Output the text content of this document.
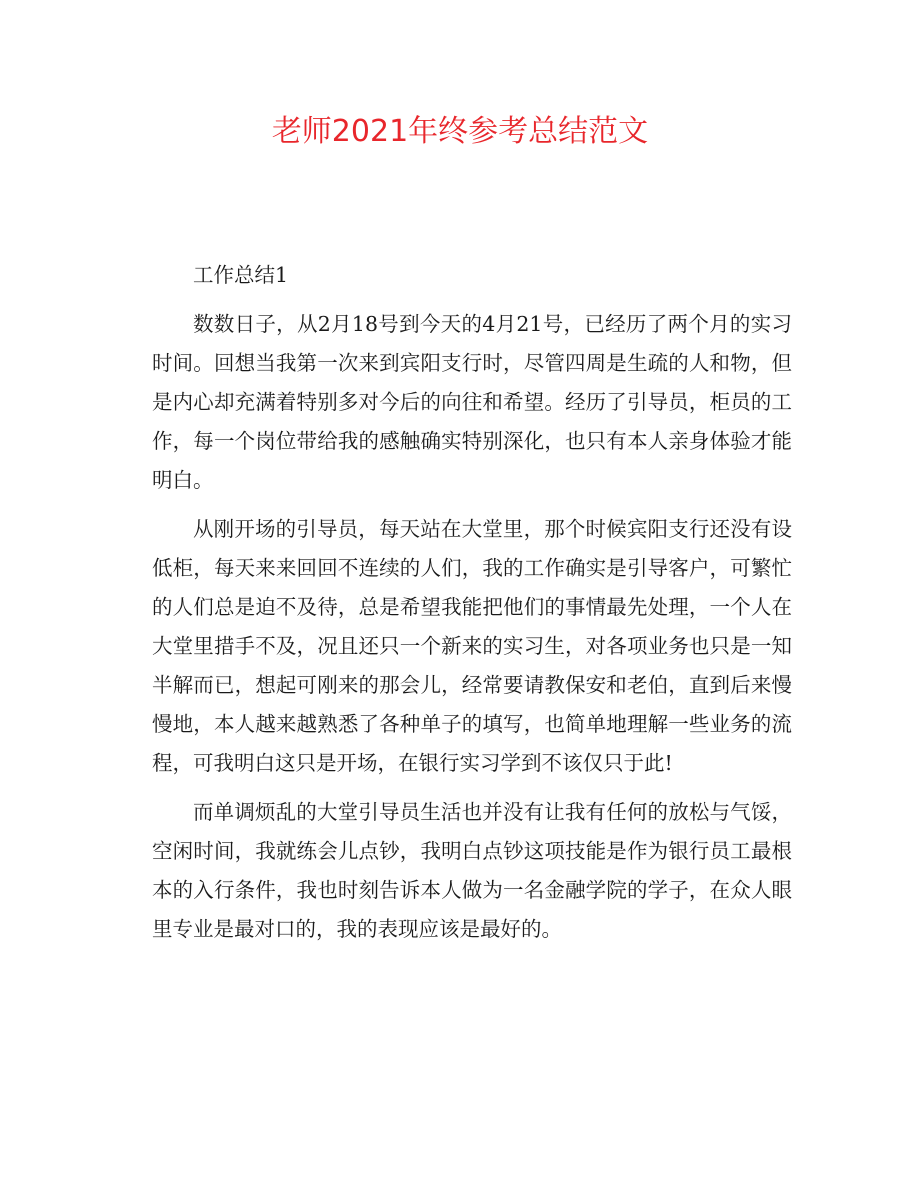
老师2021年终参考总结范文

工作总结1

数数日子，从2月18号到今天的4月21号，已经历了两个月的实习时间。回想当我第一次来到宾阳支行时，尽管四周是生疏的人和物，但是内心却充满着特别多对今后的向往和希望。经历了引导员，柜员的工作，每一个岗位带给我的感触确实特别深化，也只有本人亲身体验才能明白。

从刚开场的引导员，每天站在大堂里，那个时候宾阳支行还没有设低柜，每天来来回回不连续的人们，我的工作确实是引导客户，可繁忙的人们总是迫不及待，总是希望我能把他们的事情最先处理，一个人在大堂里措手不及，况且还只一个新来的实习生，对各项业务也只是一知半解而已，想起可刚来的那会儿，经常要请教保安和老伯，直到后来慢慢地，本人越来越熟悉了各种单子的填写，也简单地理解一些业务的流程，可我明白这只是开场，在银行实习学到不该仅只于此!

而单调烦乱的大堂引导员生活也并没有让我有任何的放松与气馁，空闲时间，我就练会儿点钞，我明白点钞这项技能是作为银行员工最根本的入行条件，我也时刻告诉本人做为一名金融学院的学子，在众人眼里专业是最对口的，我的表现应该是最好的。
